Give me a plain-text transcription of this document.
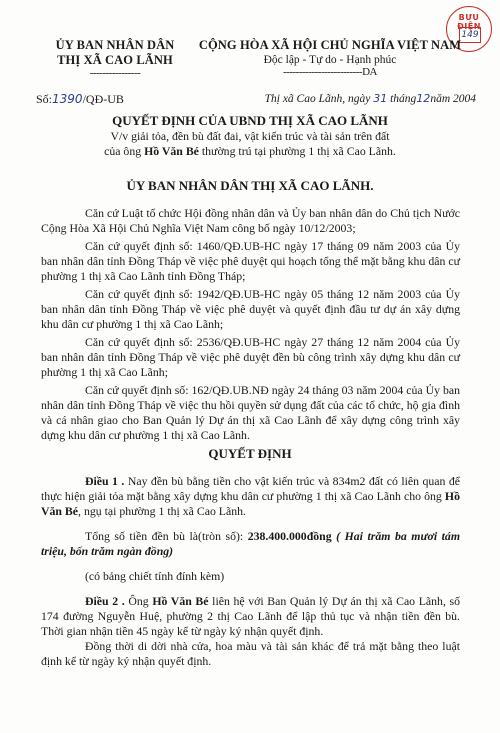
BƯU ĐIỆN
149
ỦY BAN NHÂN DÂN
THỊ XÃ CAO LÃNH
----------------
CỘNG HÒA XÃ HỘI CHỦ NGHĨA VIỆT NAM
Độc lập - Tự do - Hạnh phúc
-------------------------DA
Số:1390/QĐ-UB	Thị xã Cao Lãnh, ngày 31 tháng12năm 2004
QUYẾT ĐỊNH CỦA UBND THỊ XÃ CAO LÃNH
V/v giải tỏa, đền bù đất đai, vật kiến trúc và tài sản trên đất
của ông Hồ Văn Bé thường trú tại phường 1 thị xã Cao Lãnh.
ỦY BAN NHÂN DÂN THỊ XÃ CAO LÃNH.

Căn cứ Luật tổ chức Hội đồng nhân dân và Ủy ban nhân dân do Chủ tịch Nước Cộng Hòa Xã Hội Chủ Nghĩa Việt Nam công bố ngày 10/12/2003;

Căn cứ quyết định số: 1460/QĐ.UB-HC ngày 17 tháng 09 năm 2003 của Ủy ban nhân dân tỉnh Đồng Tháp về việc phê duyệt qui hoạch tổng thể mặt bằng khu dân cư phường 1 thị xã Cao Lãnh tỉnh Đồng Tháp;

Căn cứ quyết định số: 1942/QĐ.UB-HC ngày 05 tháng 12 năm 2003 của Ủy ban nhân dân tỉnh Đồng Tháp về việc phê duyệt và quyết định đầu tư dự án xây dựng khu dân cư phường 1 thị xã Cao Lãnh;

Căn cứ quyết định số: 2536/QĐ.UB-HC ngày 27 tháng 12 năm 2004 của Ủy ban nhân dân tỉnh Đồng Tháp về việc phê duyệt đền bù công trình xây dựng khu dân cư phường 1 thị xã Cao Lãnh;

Căn cứ quyết định số: 162/QĐ.UB.NĐ ngày 24 tháng 03 năm 2004 của Ủy ban nhân dân tỉnh Đồng Tháp về việc thu hồi quyền sử dụng đất của các tổ chức, hộ gia đình và cá nhân giao cho Ban Quản lý Dự án thị xã Cao Lãnh để xây dựng công trình xây dựng khu dân cư phường 1 thị xã Cao Lãnh.

QUYẾT ĐỊNH

Điều 1 . Nay đền bù bằng tiền cho vật kiến trúc và 834m2 đất có liên quan để thực hiện giải tỏa mặt bằng xây dựng khu dân cư phường 1 thị xã Cao Lãnh cho ông Hồ Văn Bé, ngụ tại phường 1 thị xã Cao Lãnh.

Tổng số tiền đền bù là(tròn số): 238.400.000đồng ( Hai trăm ba mươi tám triệu, bốn trăm ngàn đồng)

(có bảng chiết tính đính kèm)

Điều 2 . Ông Hồ Văn Bé liên hệ với Ban Quản lý Dự án thị xã Cao Lãnh, số 174 đường Nguyễn Huệ, phường 2 thị Cao Lãnh để lập thủ tục và nhận tiền đền bù. Thời gian nhận tiền 45 ngày kể từ ngày ký nhận quyết định.

Đồng thời di dời nhà cửa, hoa màu và tài sản khác để trả mặt bằng theo luật định kể từ ngày ký nhận quyết định.
